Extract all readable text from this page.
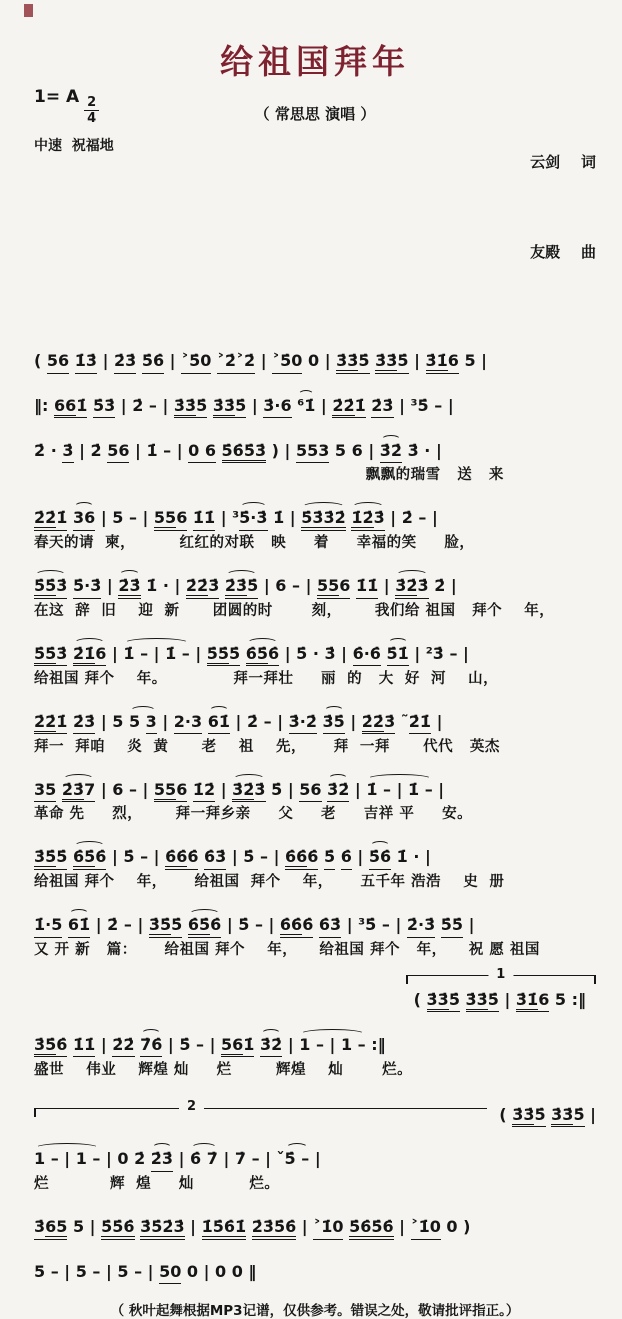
给祖国拜年
1= A $\frac{2}{4}$
中速  祝福地
（ 常思思 演唱 ）

云剑    词

友殿    曲

( 56 1̇3̇ | 2̇3̇ 5̇6̇ | ˃5̇0 ˃2̇˃2̇ | ˃5̇0 0 | 3̇3̇5̇ 3̇3̇5̇ | 3̇1̇6 5 |
‖: 661̇ 5̇3̇ | 2̇ – | 3̇3̇5̇ 3̇3̇5̇ | 3̇·6 ⁶1̇ | 2̇2̇1̇ 2̇3̇ | ³5̇ – |
2̇ · 3̇ | 2̇ 56 | 1̇ – | 0 6 5̇6̇5̇3̇ ) | 553 5 6 | 3̇2̇ 3̇ · |
飘飘的瑞雪   送   来
2̇2̇1̇ 36 | 5 – | 556 1̇1̇ | ³5̇·3̇ 1̇ | 5̇3̇3̇2̇ 1̇2̇3̇ | 2̇ – |
春天的请  柬，        红红的对联   映     着     幸福的笑     脸，
5̇5̇3̇ 5̇·3̇ | 2̇3̇ 1̇ · | 2̇2̇3̇ 2̇3̇5̇ | 6 – | 556 1̇1̇ | 3̇2̇3̇ 2̇ |
在这  辞  旧    迎  新      团圆的时       刻，      我们给 祖国   拜个    年，
5̇5̇3̇ 2̇1̇6 | 1̇ – | 1̇ – | 5̇5̇5̇ 6̇5̇6̇ | 5̇ · 3̇ | 6̇·6̇ 5̇1̇ | ²3̇ – |
给祖国 拜个    年。            拜一拜壮     丽  的   大  好  河    山，
2̇2̇1̇ 2̇3̇ | 5 5 3 | 2·3 61̇ | 2̇ – | 3̇·2̇ 3̇5̇ | 2̇2̇3̇ ˜2̇1̇ |
拜一  拜咱    炎  黄      老    祖    先，     拜  一拜      代代   英杰
35 2̇3̇7 | 6 – | 556 1̇2̇ | 3̇2̇3̇ 5̇ | 56 3̇2̇ | 1̇ – | 1̇ – |
革命 先     烈，      拜一拜乡亲     父     老     吉祥 平     安。
3̇5̇5̇ 6̇5̇6̇ | 5̇ – | 6̇6̇6̇ 6̇3̇ | 5̇ – | 6̇6̇6̇ 5̇ 6̇ | 5̇6̇ 1̇ · |
给祖国 拜个    年，     给祖国  拜个    年，     五千年 浩浩    史  册
1̇·5 61̇ | 2̇ – | 3̇5̇5̇ 6̇5̇6̇ | 5̇ – | 6̇6̇6̇ 6̇3̇ | ³5̇ – | 2̇·3̇ 5̇5̇ |
又 开 新   篇：     给祖国 拜个    年，    给祖国 拜个   年，    祝 愿 祖国
1
( 3̇3̇5̇ 3̇3̇5̇ | 3̇1̇6 5 :‖
3̇5̇6̇ 1̇1̇ | 2̇2̇ 7̇6̇ | 5̇ – | 561̇ 3̇2̇ | 1 – | 1 – :‖
盛世    伟业    辉煌 灿     烂        辉煌    灿       烂。
2	( 3̇3̇5̇ 3̇3̇5̇ |
1 – | 1 – | 0 2̇ 2̇3̇ | 6̇ 7̇ | 7̇ – | ˇ5̇ – |
烂           辉  煌     灿          烂。
3̇65 5 | 5̇5̇6̇ 3̇5̇2̇3̇ | 1̇5̇6̇1̇ 2̇3̇5̇6̇ | ˃1̇0 5̇6̇5̇6̇ | ˃1̇0 0 )
5 – | 5 – | 5 – | 50 0 | 0 0 ‖
（ 秋叶起舞根据MP3记谱，仅供参考。错误之处，敬请批评指正。）
